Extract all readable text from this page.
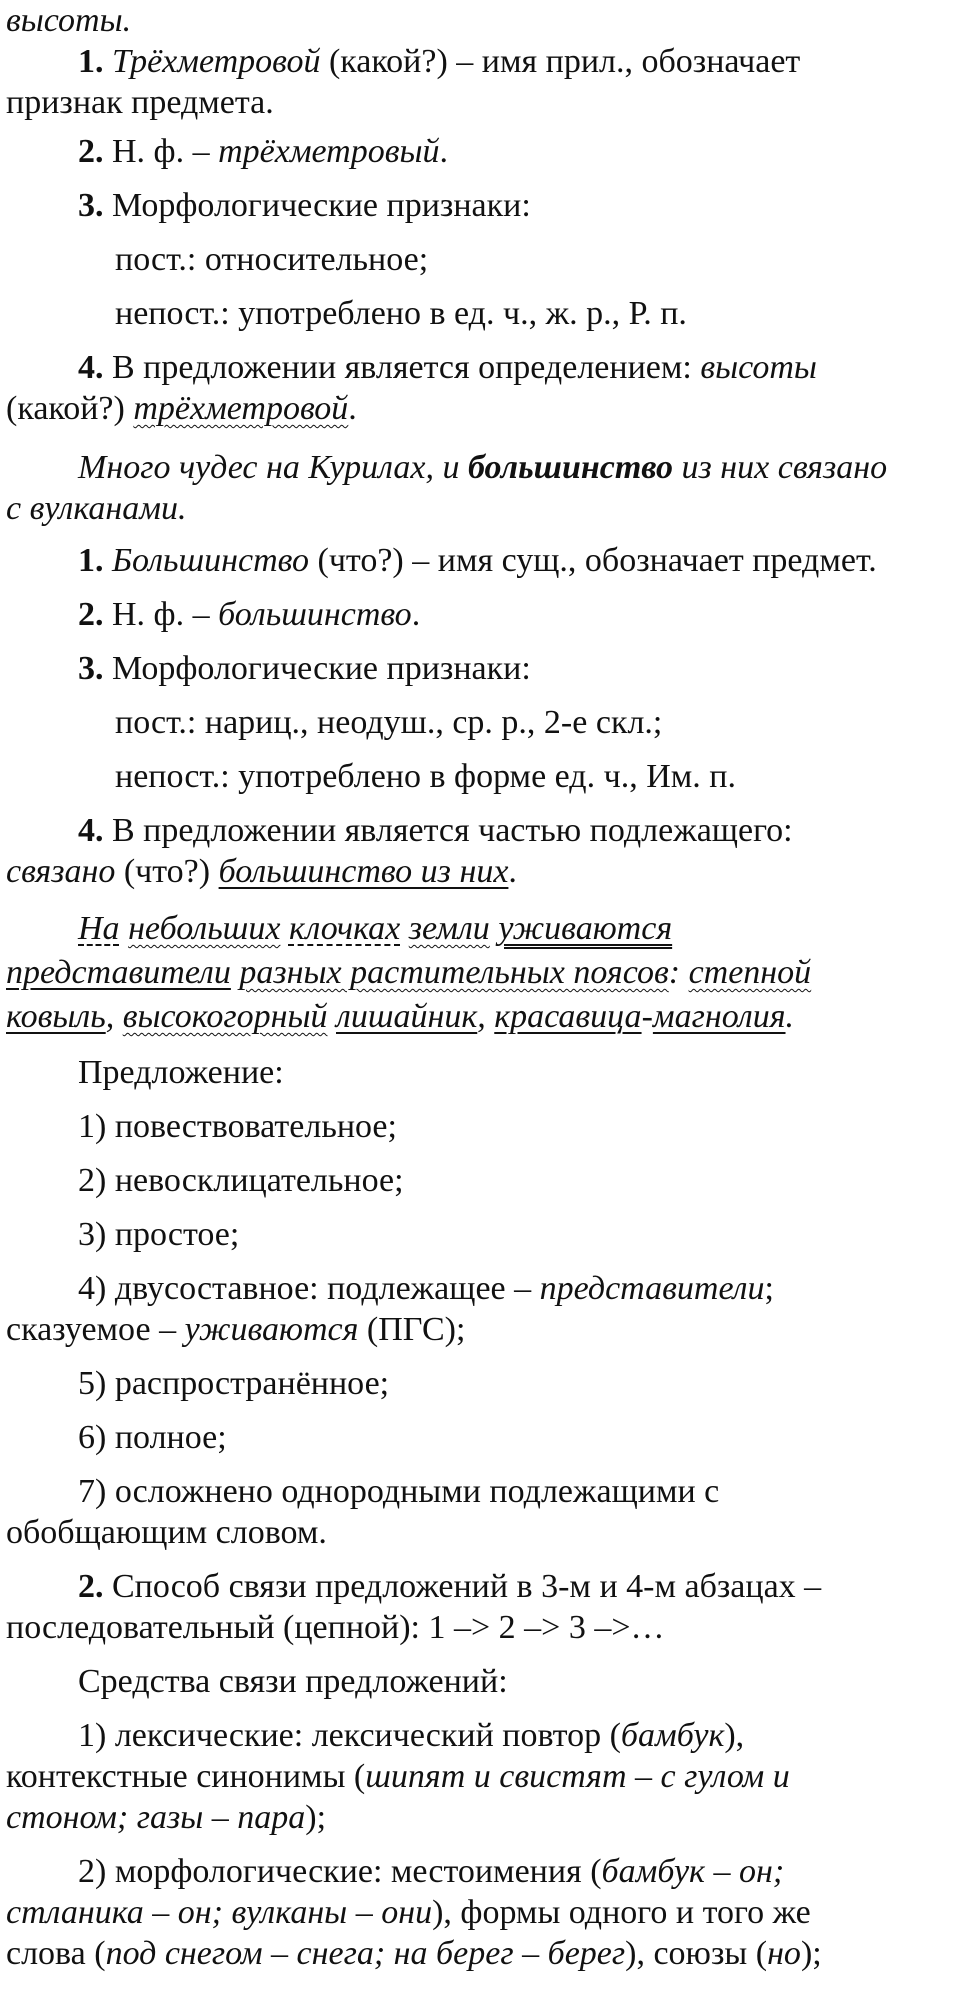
высоты.
1. Трёхметровой (какой?) – имя прил., обозначает
признак предмета.
2. Н. ф. – трёхметровый.
3. Морфологические признаки:
пост.: относительное;
непост.: употреблено в ед. ч., ж. р., Р. п.
4. В предложении является определением: высоты
(какой?) трёхметровой.
Много чудес на Курилах, и большинство из них связано
с вулканами.
1. Большинство (что?) – имя сущ., обозначает предмет.
2. Н. ф. – большинство.
3. Морфологические признаки:
пост.: нариц., неодуш., ср. р., 2-е скл.;
непост.: употреблено в форме ед. ч., Им. п.
4. В предложении является частью подлежащего:
связано (что?) большинство из них.
На небольших клочках земли уживаются
представители разных растительных поясов: степной
ковыль, высокогорный лишайник, красавица-магнолия.
Предложение:
1) повествовательное;
2) невосклицательное;
3) простое;
4) двусоставное: подлежащее – представители;
сказуемое – уживаются (ПГС);
5) распространённое;
6) полное;
7) осложнено однородными подлежащими с
обобщающим словом.
2. Способ связи предложений в 3-м и 4-м абзацах –
последовательный (цепной): 1 –> 2 –> 3 –>…
Средства связи предложений:
1) лексические: лексический повтор (бамбук),
контекстные синонимы (шипят и свистят – с гулом и
стоном; газы – пара);
2) морфологические: местоимения (бамбук – он;
стланика – он; вулканы – они), формы одного и того же
слова (под снегом – снега; на берег – берег), союзы (но);
